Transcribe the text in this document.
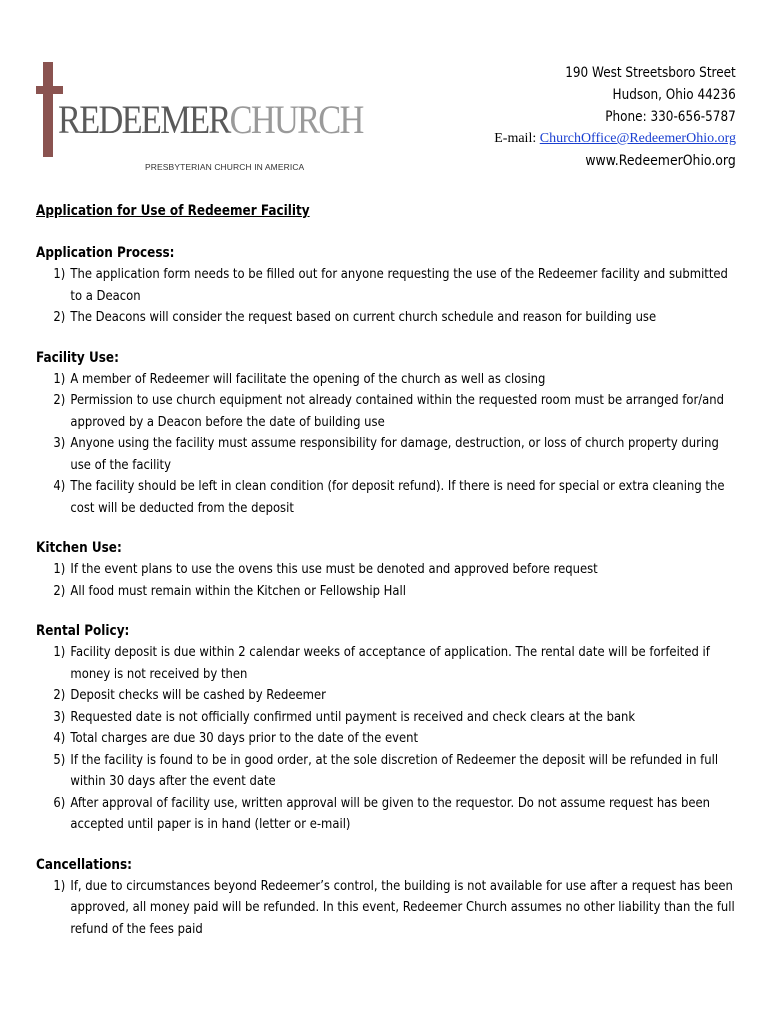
REDEEMERCHURCH
PRESBYTERIAN CHURCH IN AMERICA
190 West Streetsboro Street
Hudson, Ohio 44236
Phone: 330-656-5787
E-mail: ChurchOffice@RedeemerOhio.org
www.RedeemerOhio.org
Application for Use of Redeemer Facility
Application Process:
1) The application form needs to be filled out for anyone requesting the use of the Redeemer facility and submitted to a Deacon
2) The Deacons will consider the request based on current church schedule and reason for building use
Facility Use:
1) A member of Redeemer will facilitate the opening of the church as well as closing
2) Permission to use church equipment not already contained within the requested room must be arranged for/and approved by a Deacon before the date of building use
3) Anyone using the facility must assume responsibility for damage, destruction, or loss of church property during use of the facility
4) The facility should be left in clean condition (for deposit refund). If there is need for special or extra cleaning the cost will be deducted from the deposit
Kitchen Use:
1) If the event plans to use the ovens this use must be denoted and approved before request
2) All food must remain within the Kitchen or Fellowship Hall
Rental Policy:
1) Facility deposit is due within 2 calendar weeks of acceptance of application. The rental date will be forfeited if money is not received by then
2) Deposit checks will be cashed by Redeemer
3) Requested date is not officially confirmed until payment is received and check clears at the bank
4) Total charges are due 30 days prior to the date of the event
5) If the facility is found to be in good order, at the sole discretion of Redeemer the deposit will be refunded in full within 30 days after the event date
6) After approval of facility use, written approval will be given to the requestor. Do not assume request has been accepted until paper is in hand (letter or e-mail)
Cancellations:
1) If, due to circumstances beyond Redeemer’s control, the building is not available for use after a request has been approved, all money paid will be refunded. In this event, Redeemer Church assumes no other liability than the full refund of the fees paid
